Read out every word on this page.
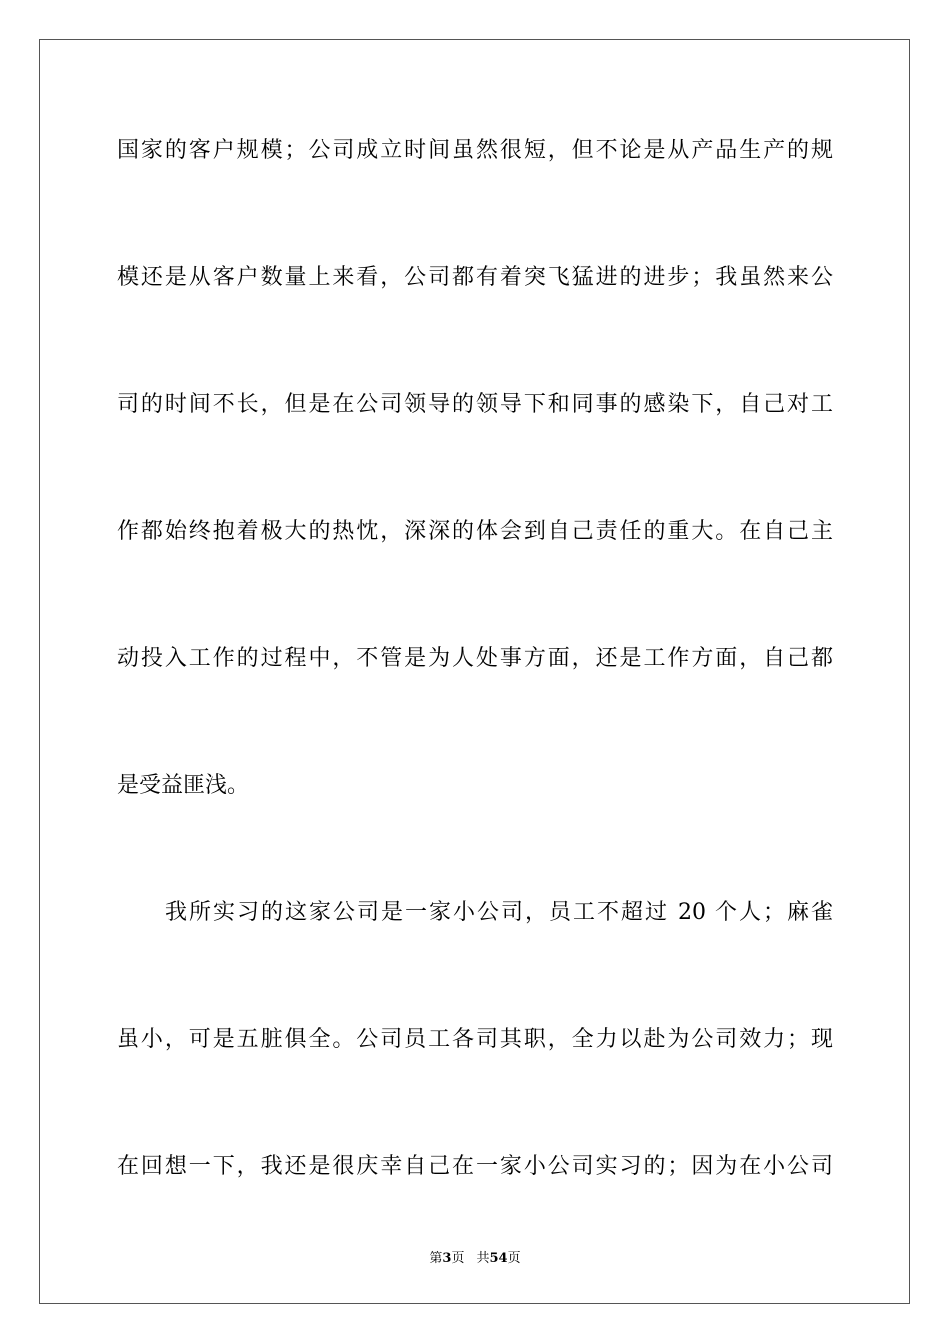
国家的客户规模；公司成立时间虽然很短，但不论是从产品生产的规
模还是从客户数量上来看，公司都有着突飞猛进的进步；我虽然来公
司的时间不长，但是在公司领导的领导下和同事的感染下，自己对工
作都始终抱着极大的热忱，深深的体会到自己责任的重大。在自己主
动投入工作的过程中，不管是为人处事方面，还是工作方面，自己都
是受益匪浅。
我所实习的这家公司是一家小公司，员工不超过 20 个人；麻雀
虽小，可是五脏俱全。公司员工各司其职，全力以赴为公司效力；现
在回想一下，我还是很庆幸自己在一家小公司实习的；因为在小公司
第3页 共54页
